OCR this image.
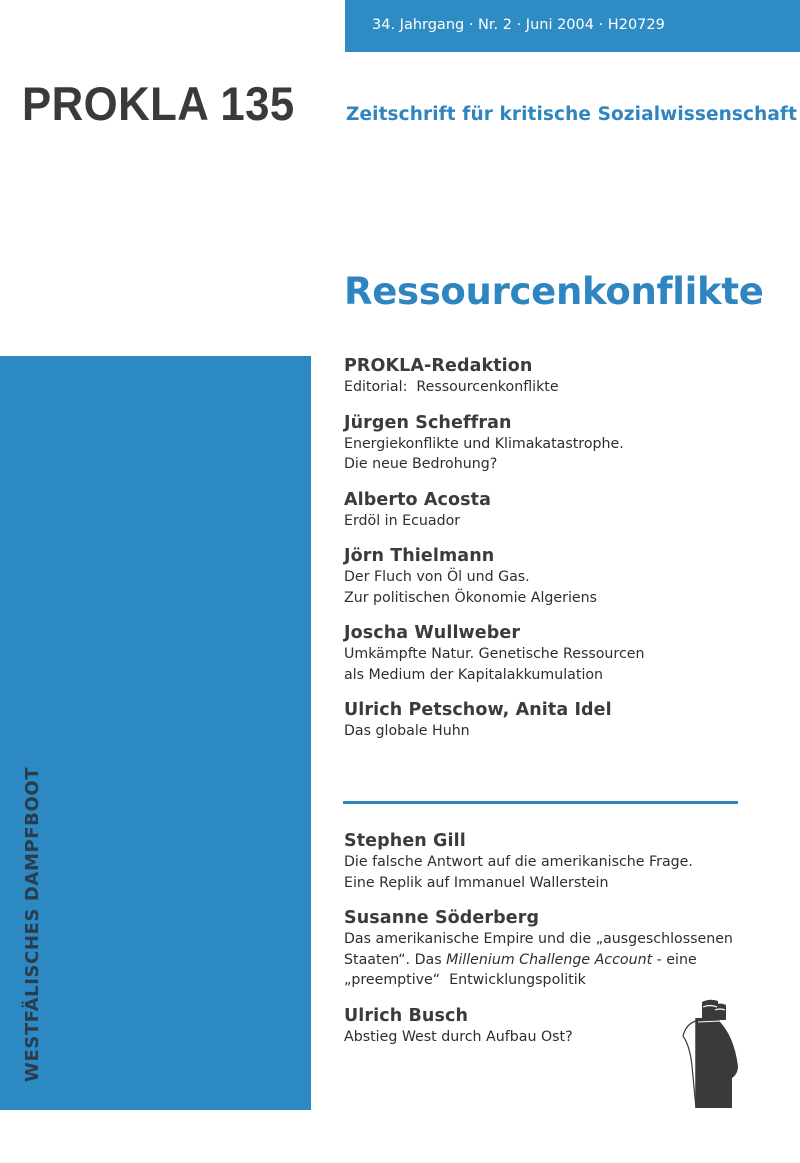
34. Jahrgang · Nr. 2 · Juni 2004 · H20729
PROKLA 135	Zeitschrift für kritische Sozialwissenschaft
Ressourcenkonflikte
WESTFÄLISCHES DAMPFBOOT
PROKLA-Redaktion
Editorial:  Ressourcenkonflikte
Jürgen Scheffran
Energiekonflikte und Klimakatastrophe.
Die neue Bedrohung?
Alberto Acosta
Erdöl in Ecuador
Jörn Thielmann
Der Fluch von Öl und Gas.
Zur politischen Ökonomie Algeriens
Joscha Wullweber
Umkämpfte Natur. Genetische Ressourcen
als Medium der Kapitalakkumulation
Ulrich Petschow, Anita Idel
Das globale Huhn
Stephen Gill
Die falsche Antwort auf die amerikanische Frage.
Eine Replik auf Immanuel Wallerstein
Susanne Söderberg
Das amerikanische Empire und die „ausgeschlossenen
Staaten“. Das Millenium Challenge Account - eine
„preemptive“  Entwicklungspolitik
Ulrich Busch
Abstieg West durch Aufbau Ost?
